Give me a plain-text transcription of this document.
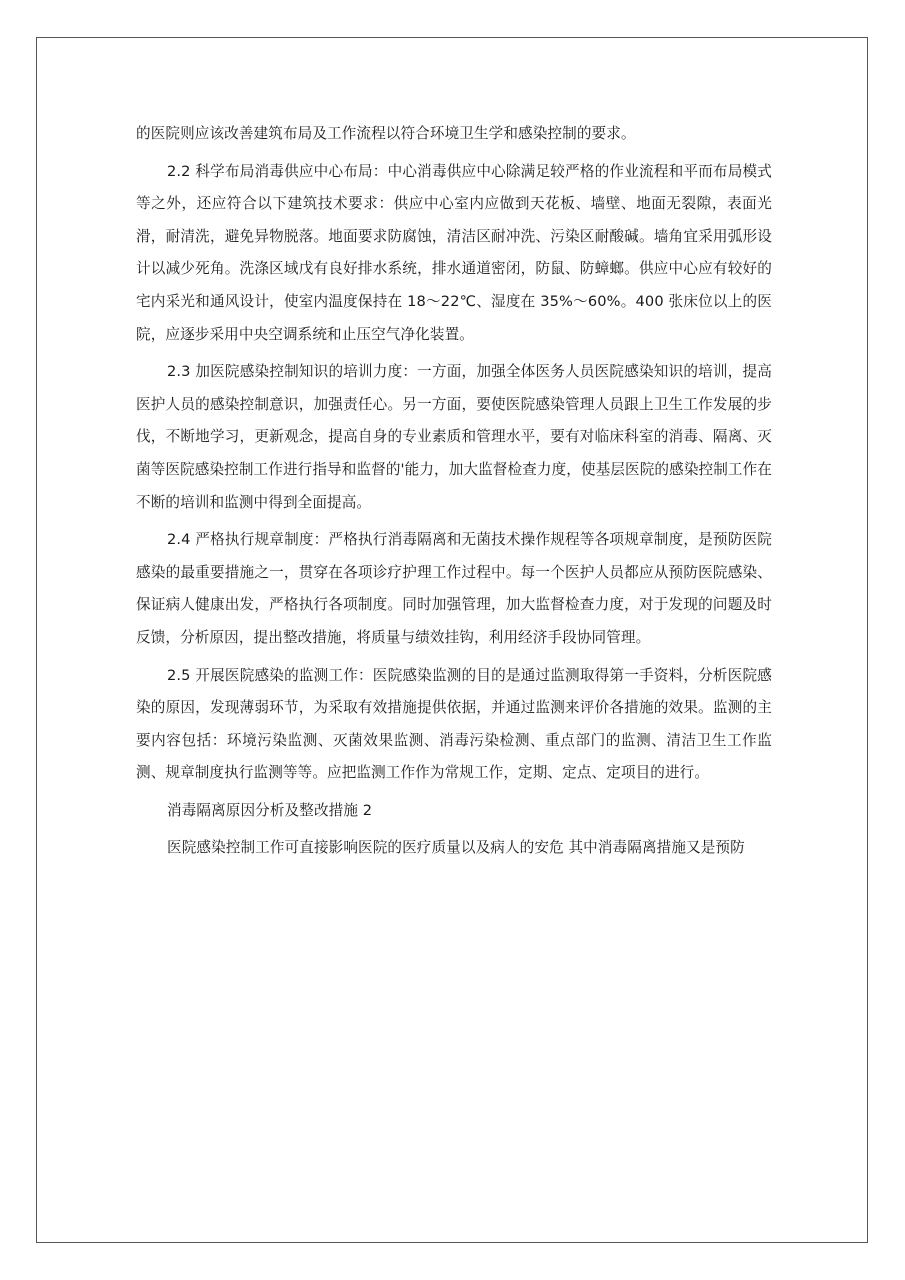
的医院则应该改善建筑布局及工作流程以符合环境卫生学和感染控制的要求。

2.2 科学布局消毒供应中心布局：中心消毒供应中心除满足较严格的作业流程和平而布局模式等之外，还应符合以下建筑技术要求：供应中心室内应做到天花板、墙壁、地面无裂隙，表面光滑，耐清洗，避免异物脱落。地面要求防腐蚀，清洁区耐冲洗、污染区耐酸碱。墙角宜采用弧形设计以减少死角。洗涤区域戊有良好排水系统，排水通道密闭，防鼠、防蟑螂。供应中心应有较好的宅内采光和通风设计，使室内温度保持在 18～22℃、湿度在 35%～60%。400 张床位以上的医院，应逐步采用中央空调系统和止压空气净化装置。

2.3 加医院感染控制知识的培训力度：一方面，加强全体医务人员医院感染知识的培训，提高医护人员的感染控制意识，加强责任心。另一方面，要使医院感染管理人员跟上卫生工作发展的步伐，不断地学习，更新观念，提高自身的专业素质和管理水平，要有对临床科室的消毒、隔离、灭菌等医院感染控制工作进行指导和监督的'能力，加大监督检查力度，使基层医院的感染控制工作在不断的培训和监测中得到全面提高。

2.4 严格执行规章制度：严格执行消毒隔离和无菌技术操作规程等各项规章制度，是预防医院感染的最重要措施之一，贯穿在各项诊疗护理工作过程中。每一个医护人员都应从预防医院感染、保证病人健康出发，严格执行各项制度。同时加强管理，加大监督检查力度，对于发现的问题及时反馈，分析原因，提出整改措施，将质量与绩效挂钩，利用经济手段协同管理。

2.5 开展医院感染的监测工作：医院感染监测的目的是通过监测取得第一手资料，分析医院感染的原因，发现薄弱环节，为采取有效措施提供依据，并通过监测来评价各措施的效果。监测的主要内容包括：环境污染监测、灭菌效果监测、消毒污染检测、重点部门的监测、清洁卫生工作监测、规章制度执行监测等等。应把监测工作作为常规工作，定期、定点、定项目的进行。

消毒隔离原因分析及整改措施 2

医院感染控制工作可直接影响医院的医疗质量以及病人的安危 其中消毒隔离措施又是预防
